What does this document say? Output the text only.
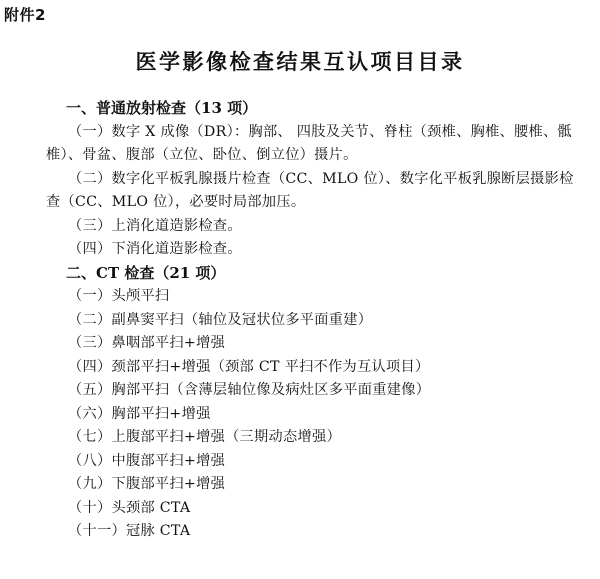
附件2
医学影像检查结果互认项目目录
一、普通放射检查（13 项）

（一）数字 X 成像（DR）：胸部、 四肢及关节、脊柱（颈椎、胸椎、腰椎、骶椎）、骨盆、腹部（立位、卧位、倒立位）摄片。

（二）数字化平板乳腺摄片检查（CC、MLO 位）、数字化平板乳腺断层摄影检查（CC、MLO 位），必要时局部加压。

（三）上消化道造影检查。

（四）下消化道造影检查。

二、CT 检查（21 项）

（一）头颅平扫

（二）副鼻窦平扫（轴位及冠状位多平面重建）

（三）鼻咽部平扫+增强

（四）颈部平扫+增强（颈部 CT 平扫不作为互认项目）

（五）胸部平扫（含薄层轴位像及病灶区多平面重建像）

（六）胸部平扫+增强

（七）上腹部平扫+增强（三期动态增强）

（八）中腹部平扫+增强

（九）下腹部平扫+增强

（十）头颈部 CTA

（十一）冠脉 CTA
